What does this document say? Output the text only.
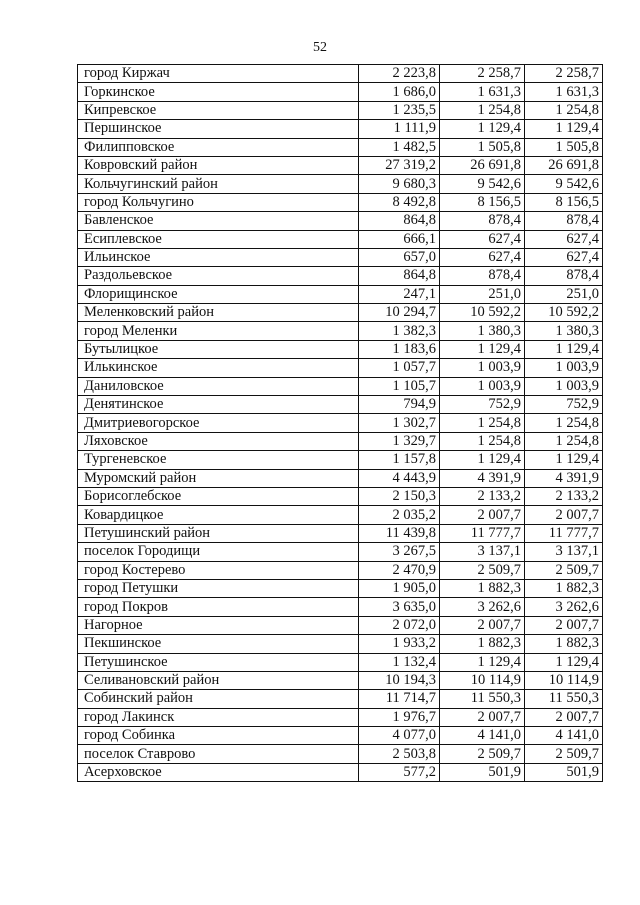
52
город Киржач	2 223,8	2 258,7	2 258,7
Горкинское	1 686,0	1 631,3	1 631,3
Кипревское	1 235,5	1 254,8	1 254,8
Першинское	1 111,9	1 129,4	1 129,4
Филипповское	1 482,5	1 505,8	1 505,8
Ковровский район	27 319,2	26 691,8	26 691,8
Кольчугинский район	9 680,3	9 542,6	9 542,6
город Кольчугино	8 492,8	8 156,5	8 156,5
Бавленское	864,8	878,4	878,4
Есиплевское	666,1	627,4	627,4
Ильинское	657,0	627,4	627,4
Раздольевское	864,8	878,4	878,4
Флорищинское	247,1	251,0	251,0
Меленковский район	10 294,7	10 592,2	10 592,2
город Меленки	1 382,3	1 380,3	1 380,3
Бутылицкое	1 183,6	1 129,4	1 129,4
Илькинское	1 057,7	1 003,9	1 003,9
Даниловское	1 105,7	1 003,9	1 003,9
Денятинское	794,9	752,9	752,9
Дмитриевогорское	1 302,7	1 254,8	1 254,8
Ляховское	1 329,7	1 254,8	1 254,8
Тургеневское	1 157,8	1 129,4	1 129,4
Муромский район	4 443,9	4 391,9	4 391,9
Борисоглебское	2 150,3	2 133,2	2 133,2
Ковардицкое	2 035,2	2 007,7	2 007,7
Петушинский район	11 439,8	11 777,7	11 777,7
поселок Городищи	3 267,5	3 137,1	3 137,1
город Костерево	2 470,9	2 509,7	2 509,7
город Петушки	1 905,0	1 882,3	1 882,3
город Покров	3 635,0	3 262,6	3 262,6
Нагорное	2 072,0	2 007,7	2 007,7
Пекшинское	1 933,2	1 882,3	1 882,3
Петушинское	1 132,4	1 129,4	1 129,4
Селивановский район	10 194,3	10 114,9	10 114,9
Собинский район	11 714,7	11 550,3	11 550,3
город Лакинск	1 976,7	2 007,7	2 007,7
город Собинка	4 077,0	4 141,0	4 141,0
поселок Ставрово	2 503,8	2 509,7	2 509,7
Асерховское	577,2	501,9	501,9
